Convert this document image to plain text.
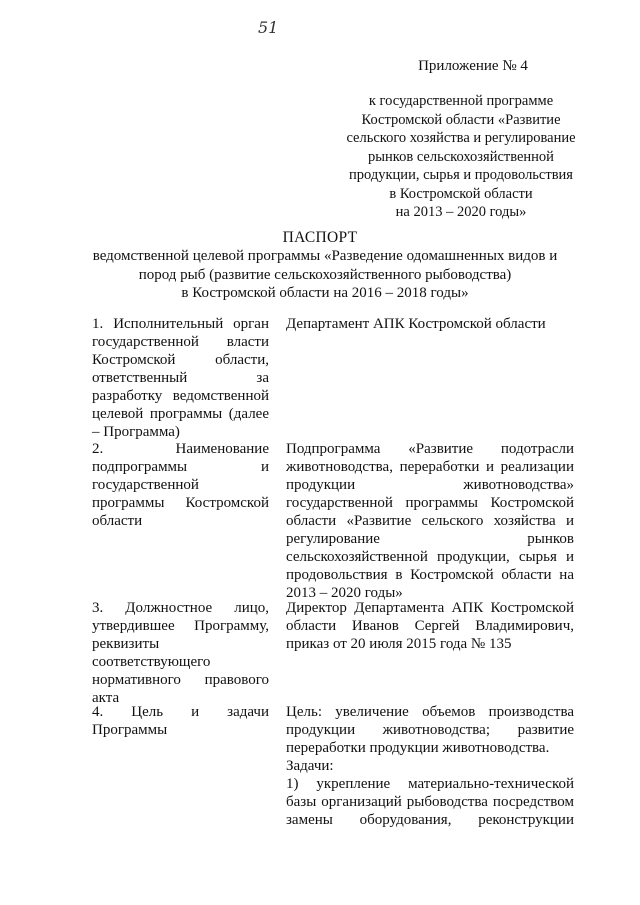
51
Приложение № 4
к государственной программе
Костромской области «Развитие
сельского хозяйства и регулирование
рынков сельскохозяйственной
продукции, сырья и продовольствия
в Костромской области
на 2013 – 2020 годы»
ПАСПОРТ
ведомственной целевой программы «Разведение одомашненных видов и
пород рыб (развитие сельскохозяйственного рыбоводства)
в Костромской области на 2016 – 2018 годы»
1. Исполнительный орган
государственной власти
Костромской области,
ответственный за
разработку ведомственной
целевой программы (далее
– Программа)
Департамент АПК Костромской области
2. Наименование
подпрограммы и
государственной
программы Костромской
области
Подпрограмма «Развитие подотрасли
животноводства, переработки и реализации
продукции животноводства»
государственной программы Костромской
области «Развитие сельского хозяйства и
регулирование рынков
сельскохозяйственной продукции, сырья и
продовольствия в Костромской области на
2013 – 2020 годы»
3. Должностное лицо,
утвердившее Программу,
реквизиты
соответствующего
нормативного правового
акта
Директор Департамента АПК Костромской
области Иванов Сергей Владимирович,
приказ от 20 июля 2015 года № 135
4. Цель и задачи
Программы
Цель: увеличение объемов производства
продукции животноводства; развитие
переработки продукции животноводства.
Задачи:
1) укрепление материально-технической
базы организаций рыбоводства посредством
замены оборудования, реконструкции
